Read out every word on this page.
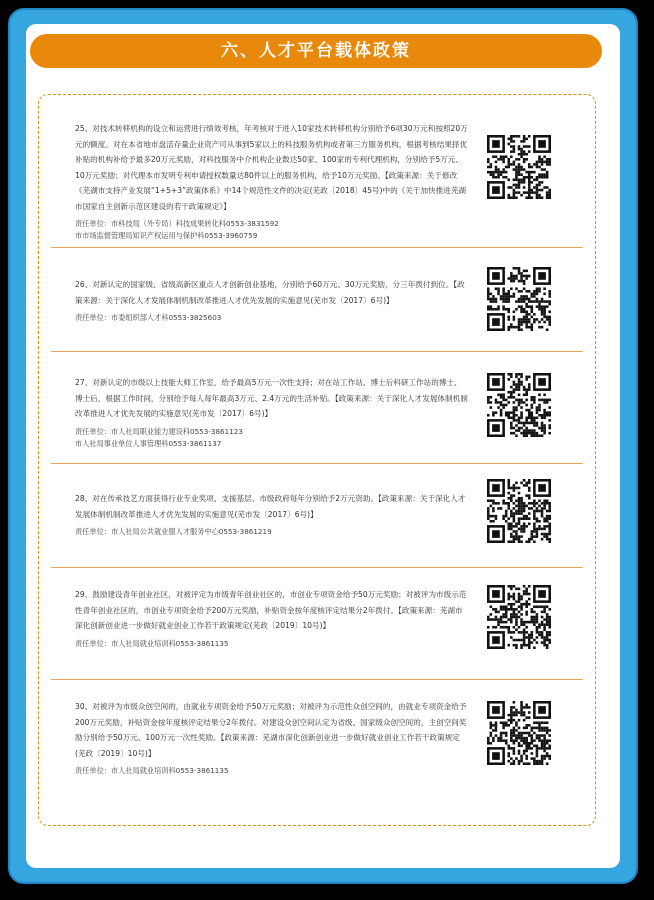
六、人才平台载体政策
25、对技术转移机构的设立和运营进行绩效考核，年考核对于进入10家技术转移机构分别给予6项30万元和按照20万元的额度。对在本省地市盘活存量企业资产可从事到5家以上的科技服务机构或者第三方服务机构，根据考核结果择优补贴的机构补给予最多20万元奖励，对科技服务中介机构企业数达50家、100家的专利代理机构，分别给予5万元、10万元奖励；对代理本市发明专利申请授权数量达80件以上的服务机构，给予10万元奖励。【政策来源：关于修改《芜湖市支持产业发展“1+5+3”政策体系》中14个规范性文件的决定(芜政〔2018〕45号)中的《关于加快推进芜湖市国家自主创新示范区建设的若干政策规定》】
责任单位：市科技局（外专局）科技成果转化科0553-3831592
市市场监督管理局知识产权运用与保护科0553-3960759
26、对新认定的国家级、省级高新区重点人才创新创业基地，分别给予60万元、30万元奖励，分三年拨付到位。【政策来源：关于深化人才发展体制机制改革推进人才优先发展的实施意见(芜市发〔2017〕6号)】
责任单位：市委组织部人才科0553-3825603
27、对新认定的市级以上技能大师工作室，给予最高5万元一次性支持；对在站工作站、博士后科研工作站的博士、博士后，根据工作时间，分别给予每人每年最高3万元、2.4万元的生活补贴。【政策来源：关于深化人才发展体制机制改革推进人才优先发展的实施意见(芜市发〔2017〕6号)】
责任单位：市人社局职业能力建设科0553-3861123
市人社局事业单位人事管理科0553-3861137
28、对在传承技艺方面获得行业专业奖项、支援基层、市级政府每年分别给予2万元资助。【政策来源：关于深化人才发展体制机制改革推进人才优先发展的实施意见(芜市发〔2017〕6号)】
责任单位：市人社局公共就业服人才服务中心0553-3861219
29、鼓励建设青年创业社区，对被评定为市级青年创业社区的，市创业专项资金给予50万元奖励；对被评为市级示范性青年创业社区的，市创业专项资金给予200万元奖励，补贴资金按年度核评定结果分2年拨付。【政策来源：芜湖市深化创新创业进一步做好就业创业工作若干政策规定(芜政〔2019〕10号)】
责任单位：市人社局就业培训科0553-3861135
30、对被评为市级众创空间的，由就业专项资金给予50万元奖励；对被评为示范性众创空间的，由就业专项资金给予200万元奖励，补贴资金按年度核评定结果分2年拨付。对建设众创空间认定为省级、国家级众创空间的，主创空间奖励分别给予50万元、100万元一次性奖励。【政策来源：芜湖市深化创新创业进一步做好就业创业工作若干政策规定(芜政〔2019〕10号)】
责任单位：市人社局就业培训科0553-3861135
